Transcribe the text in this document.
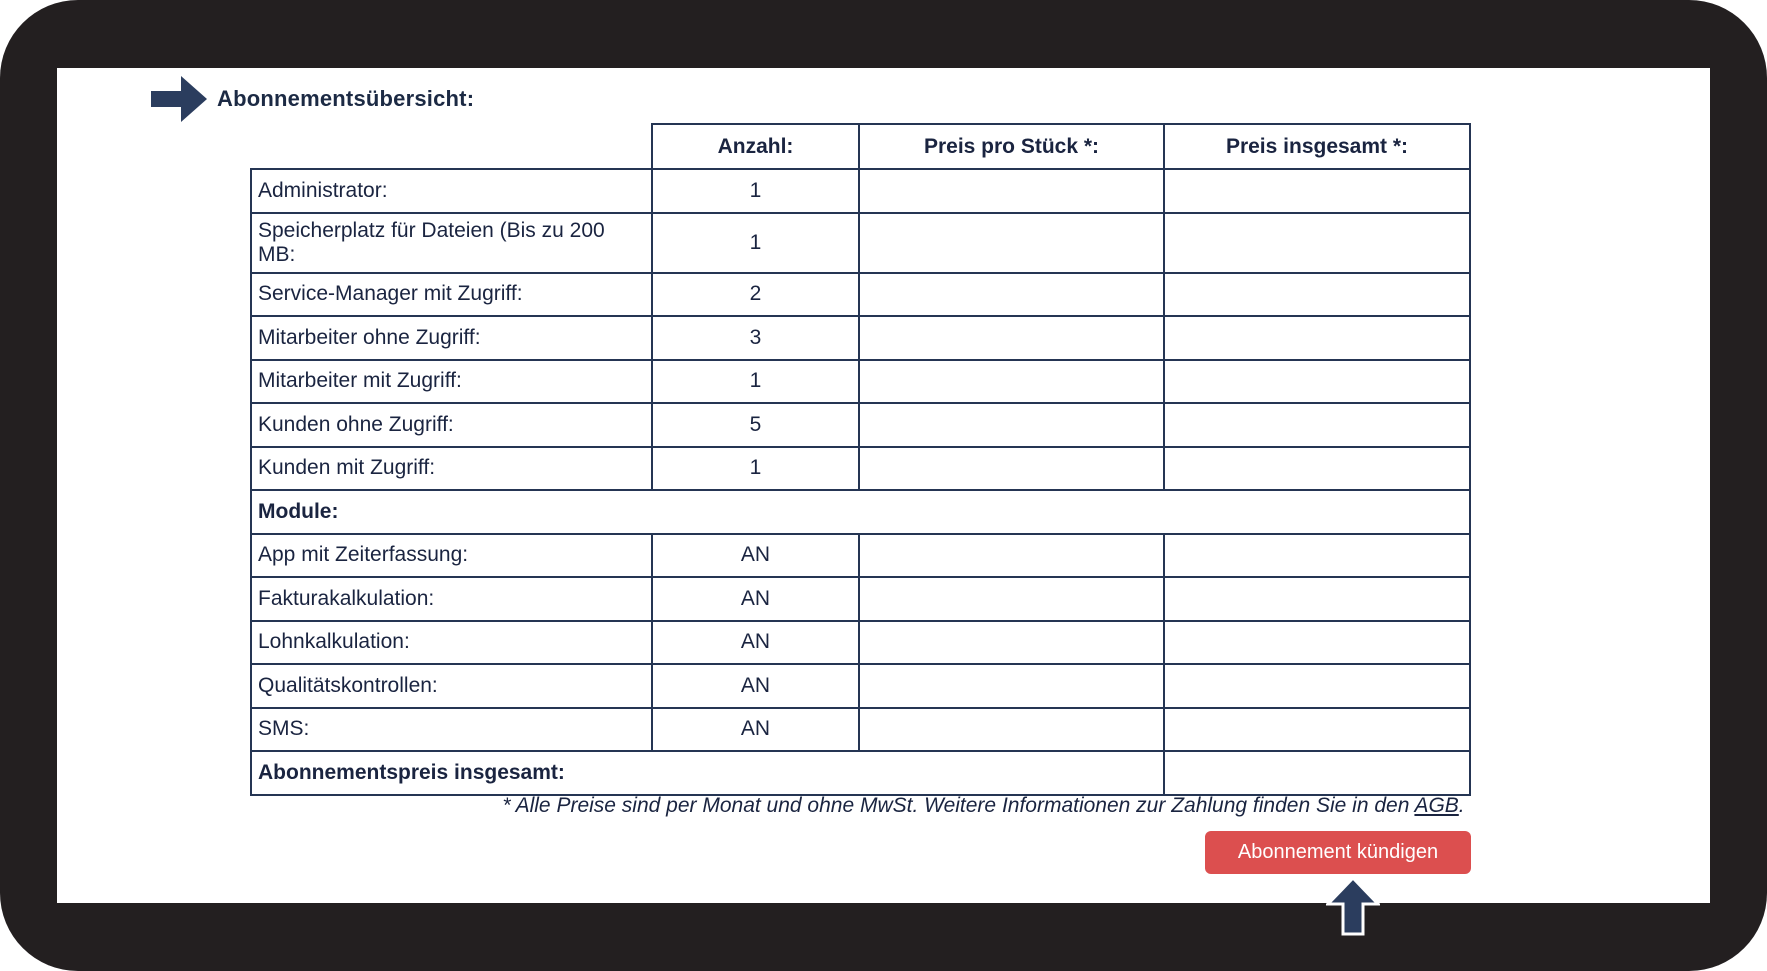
Abonnementsübersicht:
	Anzahl:	Preis pro Stück *:	Preis insgesamt *:
Administrator:	1		
Speicherplatz für Dateien (Bis zu 200 MB:	1		
Service-Manager mit Zugriff:	2		
Mitarbeiter ohne Zugriff:	3		
Mitarbeiter mit Zugriff:	1		
Kunden ohne Zugriff:	5		
Kunden mit Zugriff:	1		
Module:			
App mit Zeiterfassung:	AN		
Fakturakalkulation:	AN		
Lohnkalkulation:	AN		
Qualitätskontrollen:	AN		
SMS:	AN		
Abonnementspreis insgesamt:			
* Alle Preise sind per Monat und ohne MwSt. Weitere Informationen zur Zahlung finden Sie in den AGB.
Abonnement kündigen
